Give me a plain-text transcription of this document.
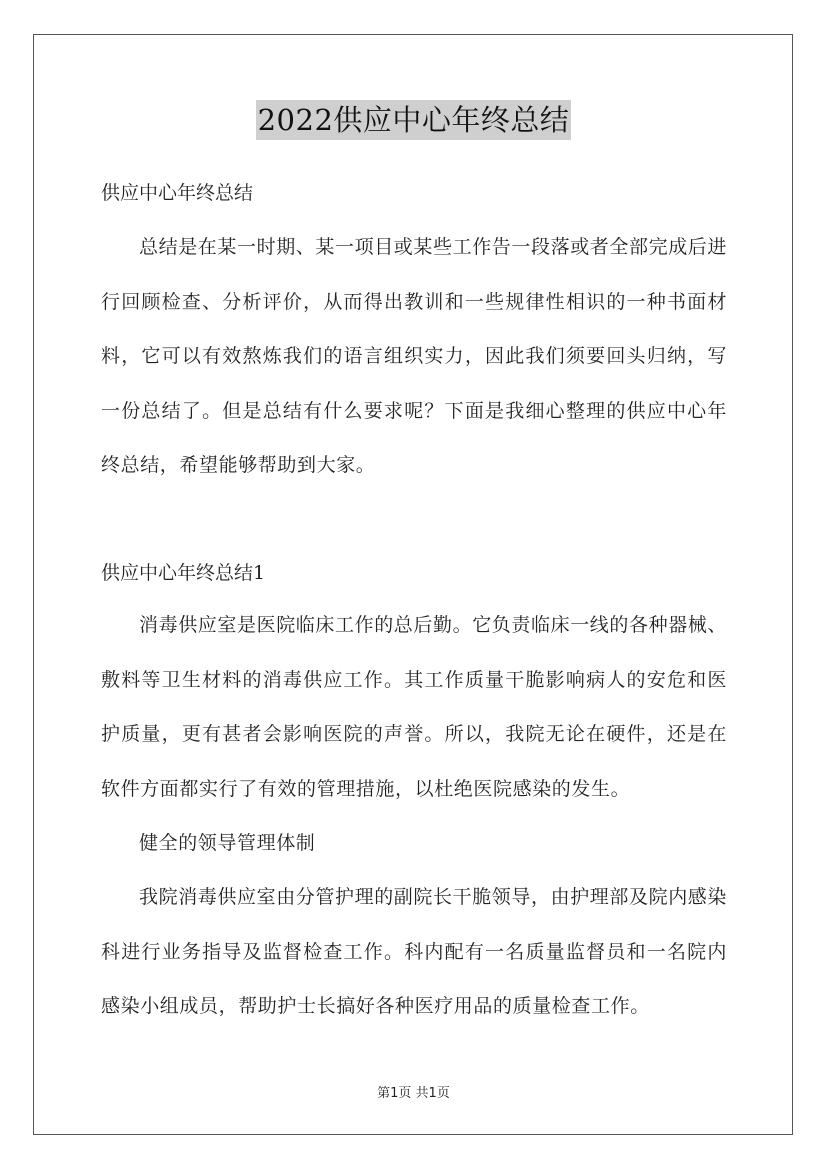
2022供应中心年终总结
供应中心年终总结
总结是在某一时期、某一项目或某些工作告一段落或者全部完成后进行回顾检查、分析评价，从而得出教训和一些规律性相识的一种书面材料，它可以有效熬炼我们的语言组织实力，因此我们须要回头归纳，写一份总结了。但是总结有什么要求呢？下面是我细心整理的供应中心年终总结，希望能够帮助到大家。
供应中心年终总结1
消毒供应室是医院临床工作的总后勤。它负责临床一线的各种器械、敷料等卫生材料的消毒供应工作。其工作质量干脆影响病人的安危和医护质量，更有甚者会影响医院的声誉。所以，我院无论在硬件，还是在软件方面都实行了有效的管理措施，以杜绝医院感染的发生。
健全的领导管理体制
我院消毒供应室由分管护理的副院长干脆领导，由护理部及院内感染科进行业务指导及监督检查工作。科内配有一名质量监督员和一名院内感染小组成员，帮助护士长搞好各种医疗用品的质量检查工作。
第1页 共1页
